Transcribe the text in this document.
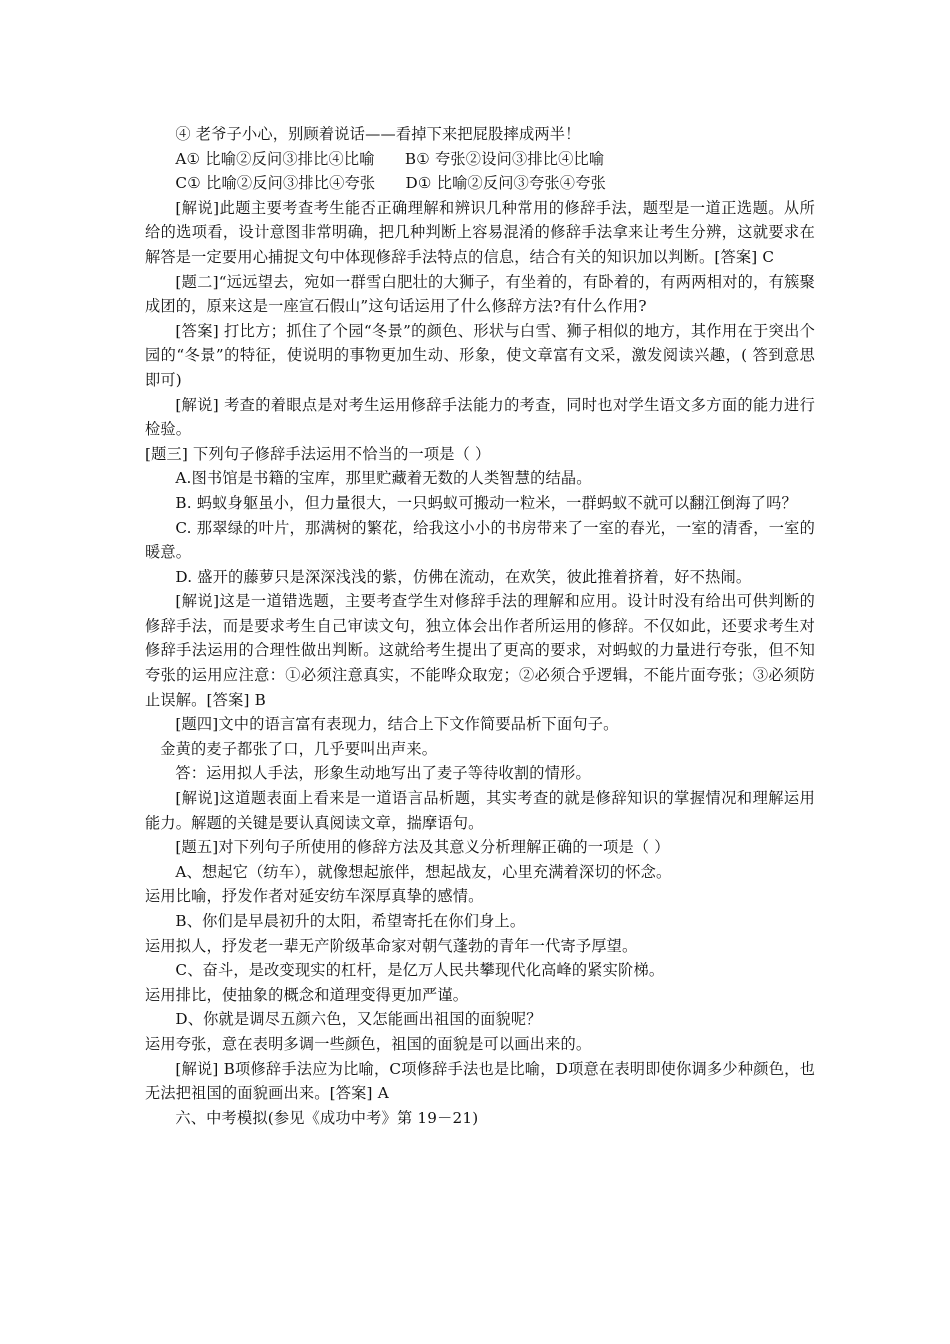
④ 老爷子小心，别顾着说话——看掉下来把屁股摔成两半！

A① 比喻②反问③排比④比喻      B① 夸张②设问③排比④比喻

C① 比喻②反问③排比④夸张      D① 比喻②反问③夸张④夸张

[解说]此题主要考查考生能否正确理解和辨识几种常用的修辞手法，题型是一道正选题。从所给的选项看，设计意图非常明确，把几种判断上容易混淆的修辞手法拿来让考生分辨，这就要求在解答是一定要用心捕捉文句中体现修辞手法特点的信息，结合有关的知识加以判断。[答案] C

[题二]“远远望去，宛如一群雪白肥壮的大狮子，有坐着的，有卧着的，有两两相对的，有簇聚成团的，原来这是一座宣石假山”这句话运用了什么修辞方法?有什么作用?

[答案] 打比方；抓住了个园“冬景”的颜色、形状与白雪、狮子相似的地方，其作用在于突出个园的“冬景”的特征，使说明的事物更加生动、形象，使文章富有文采，激发阅读兴趣，( 答到意思即可)

[解说] 考查的着眼点是对考生运用修辞手法能力的考查，同时也对学生语文多方面的能力进行检验。

[题三] 下列句子修辞手法运用不恰当的一项是（ ）

A.图书馆是书籍的宝库，那里贮藏着无数的人类智慧的结晶。

B. 蚂蚁身躯虽小，但力量很大，一只蚂蚁可搬动一粒米，一群蚂蚁不就可以翻江倒海了吗？

C. 那翠绿的叶片，那满树的繁花，给我这小小的书房带来了一室的春光，一室的清香，一室的暖意。

D. 盛开的藤萝只是深深浅浅的紫，仿佛在流动，在欢笑，彼此推着挤着，好不热闹。

[解说]这是一道错选题，主要考查学生对修辞手法的理解和应用。设计时没有给出可供判断的修辞手法，而是要求考生自己审读文句，独立体会出作者所运用的修辞。不仅如此，还要求考生对修辞手法运用的合理性做出判断。这就给考生提出了更高的要求，对蚂蚁的力量进行夸张，但不知夸张的运用应注意：①必须注意真实，不能哗众取宠；②必须合乎逻辑，不能片面夸张；③必须防止误解。[答案] B

[题四]文中的语言富有表现力，结合上下文作简要品析下面句子。

金黄的麦子都张了口，几乎要叫出声来。

答：运用拟人手法，形象生动地写出了麦子等待收割的情形。

[解说]这道题表面上看来是一道语言品析题，其实考查的就是修辞知识的掌握情况和理解运用能力。解题的关键是要认真阅读文章，揣摩语句。

[题五]对下列句子所使用的修辞方法及其意义分析理解正确的一项是（ ）

A、想起它（纺车），就像想起旅伴，想起战友，心里充满着深切的怀念。

运用比喻，抒发作者对延安纺车深厚真挚的感情。

B、你们是早晨初升的太阳，希望寄托在你们身上。

运用拟人，抒发老一辈无产阶级革命家对朝气蓬勃的青年一代寄予厚望。

C、奋斗，是改变现实的杠杆，是亿万人民共攀现代化高峰的紧实阶梯。

运用排比，使抽象的概念和道理变得更加严谨。

D、你就是调尽五颜六色，又怎能画出祖国的面貌呢？

运用夸张，意在表明多调一些颜色，祖国的面貌是可以画出来的。

[解说] B项修辞手法应为比喻，C项修辞手法也是比喻，D项意在表明即使你调多少种颜色，也无法把祖国的面貌画出来。[答案] A

六、中考模拟(参见《成功中考》第 19－21)
